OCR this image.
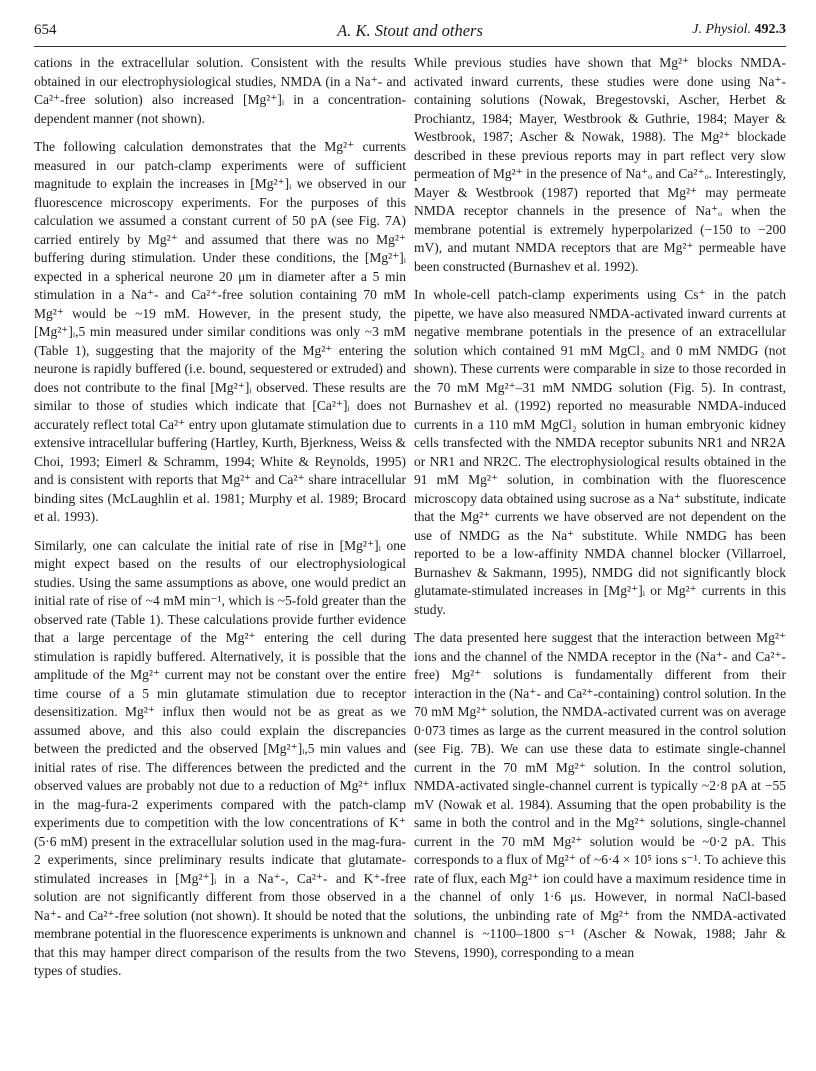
654	A. K. Stout and others	J. Physiol. 492.3

cations in the extracellular solution. Consistent with the results obtained in our electrophysiological studies, NMDA (in a Na⁺- and Ca²⁺-free solution) also increased [Mg²⁺]ᵢ in a concentration-dependent manner (not shown).

The following calculation demonstrates that the Mg²⁺ currents measured in our patch-clamp experiments were of sufficient magnitude to explain the increases in [Mg²⁺]ᵢ we observed in our fluorescence microscopy experiments. For the purposes of this calculation we assumed a constant current of 50 pA (see Fig. 7A) carried entirely by Mg²⁺ and assumed that there was no Mg²⁺ buffering during stimulation. Under these conditions, the [Mg²⁺]ᵢ expected in a spherical neurone 20 μm in diameter after a 5 min stimulation in a Na⁺- and Ca²⁺-free solution containing 70 mM Mg²⁺ would be ~19 mM. However, in the present study, the [Mg²⁺]ᵢ,5 min measured under similar conditions was only ~3 mM (Table 1), suggesting that the majority of the Mg²⁺ entering the neurone is rapidly buffered (i.e. bound, sequestered or extruded) and does not contribute to the final [Mg²⁺]ᵢ observed. These results are similar to those of studies which indicate that [Ca²⁺]ᵢ does not accurately reflect total Ca²⁺ entry upon glutamate stimulation due to extensive intracellular buffering (Hartley, Kurth, Bjerkness, Weiss & Choi, 1993; Eimerl & Schramm, 1994; White & Reynolds, 1995) and is consistent with reports that Mg²⁺ and Ca²⁺ share intracellular binding sites (McLaughlin et al. 1981; Murphy et al. 1989; Brocard et al. 1993).

Similarly, one can calculate the initial rate of rise in [Mg²⁺]ᵢ one might expect based on the results of our electrophysiological studies. Using the same assumptions as above, one would predict an initial rate of rise of ~4 mM min⁻¹, which is ~5-fold greater than the observed rate (Table 1). These calculations provide further evidence that a large percentage of the Mg²⁺ entering the cell during stimulation is rapidly buffered. Alternatively, it is possible that the amplitude of the Mg²⁺ current may not be constant over the entire time course of a 5 min glutamate stimulation due to receptor desensitization. Mg²⁺ influx then would not be as great as we assumed above, and this also could explain the discrepancies between the predicted and the observed [Mg²⁺]ᵢ,5 min values and initial rates of rise. The differences between the predicted and the observed values are probably not due to a reduction of Mg²⁺ influx in the mag-fura-2 experiments compared with the patch-clamp experiments due to competition with the low concentrations of K⁺ (5·6 mM) present in the extracellular solution used in the mag-fura-2 experiments, since preliminary results indicate that glutamate-stimulated increases in [Mg²⁺]ᵢ in a Na⁺-, Ca²⁺- and K⁺-free solution are not significantly different from those observed in a Na⁺- and Ca²⁺-free solution (not shown). It should be noted that the membrane potential in the fluorescence experiments is unknown and that this may hamper direct comparison of the results from the two types of studies.

While previous studies have shown that Mg²⁺ blocks NMDA-activated inward currents, these studies were done using Na⁺-containing solutions (Nowak, Bregestovski, Ascher, Herbet & Prochiantz, 1984; Mayer, Westbrook & Guthrie, 1984; Mayer & Westbrook, 1987; Ascher & Nowak, 1988). The Mg²⁺ blockade described in these previous reports may in part reflect very slow permeation of Mg²⁺ in the presence of Na⁺ₒ and Ca²⁺ₒ. Interestingly, Mayer & Westbrook (1987) reported that Mg²⁺ may permeate NMDA receptor channels in the presence of Na⁺ₒ when the membrane potential is extremely hyperpolarized (−150 to −200 mV), and mutant NMDA receptors that are Mg²⁺ permeable have been constructed (Burnashev et al. 1992).

In whole-cell patch-clamp experiments using Cs⁺ in the patch pipette, we have also measured NMDA-activated inward currents at negative membrane potentials in the presence of an extracellular solution which contained 91 mM MgCl₂ and 0 mM NMDG (not shown). These currents were comparable in size to those recorded in the 70 mM Mg²⁺–31 mM NMDG solution (Fig. 5). In contrast, Burnashev et al. (1992) reported no measurable NMDA-induced currents in a 110 mM MgCl₂ solution in human embryonic kidney cells transfected with the NMDA receptor subunits NR1 and NR2A or NR1 and NR2C. The electrophysiological results obtained in the 91 mM Mg²⁺ solution, in combination with the fluorescence microscopy data obtained using sucrose as a Na⁺ substitute, indicate that the Mg²⁺ currents we have observed are not dependent on the use of NMDG as the Na⁺ substitute. While NMDG has been reported to be a low-affinity NMDA channel blocker (Villarroel, Burnashev & Sakmann, 1995), NMDG did not significantly block glutamate-stimulated increases in [Mg²⁺]ᵢ or Mg²⁺ currents in this study.

The data presented here suggest that the interaction between Mg²⁺ ions and the channel of the NMDA receptor in the (Na⁺- and Ca²⁺-free) Mg²⁺ solutions is fundamentally different from their interaction in the (Na⁺- and Ca²⁺-containing) control solution. In the 70 mM Mg²⁺ solution, the NMDA-activated current was on average 0·073 times as large as the current measured in the control solution (see Fig. 7B). We can use these data to estimate single-channel current in the 70 mM Mg²⁺ solution. In the control solution, NMDA-activated single-channel current is typically ~2·8 pA at −55 mV (Nowak et al. 1984). Assuming that the open probability is the same in both the control and in the Mg²⁺ solutions, single-channel current in the 70 mM Mg²⁺ solution would be ~0·2 pA. This corresponds to a flux of Mg²⁺ of ~6·4 × 10⁵ ions s⁻¹. To achieve this rate of flux, each Mg²⁺ ion could have a maximum residence time in the channel of only 1·6 μs. However, in normal NaCl-based solutions, the unbinding rate of Mg²⁺ from the NMDA-activated channel is ~1100–1800 s⁻¹ (Ascher & Nowak, 1988; Jahr & Stevens, 1990), corresponding to a mean
